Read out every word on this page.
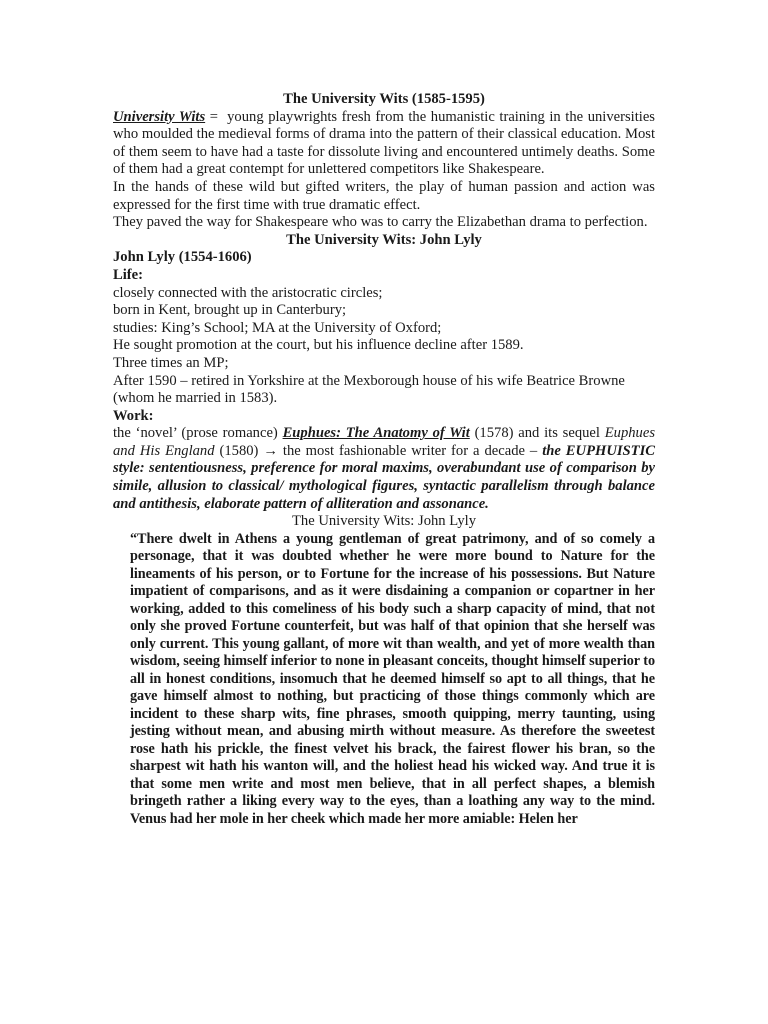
The University Wits (1585-1595)

University Wits =  young playwrights fresh from the humanistic training in the universities who moulded the medieval forms of drama into the pattern of their classical education. Most of them seem to have had a taste for dissolute living and encountered untimely deaths. Some of them had a great contempt for unlettered competitors like Shakespeare.

In the hands of these wild but gifted writers, the play of human passion and action was expressed for the first time with true dramatic effect.

They paved the way for Shakespeare who was to carry the Elizabethan drama to perfection.

The University Wits: John Lyly

John Lyly (1554-1606)

Life:

closely connected with the aristocratic circles;

born in Kent, brought up in Canterbury;

studies: King’s School; MA at the University of Oxford;

He sought promotion at the court, but his influence decline after 1589.

Three times an MP;

After 1590 – retired in Yorkshire at the Mexborough house of his wife Beatrice Browne (whom he married in 1583).

Work:

the ‘novel’ (prose romance) Euphues: The Anatomy of Wit (1578) and its sequel Euphues and His England (1580) → the most fashionable writer for a decade – the EUPHUISTIC style: sententiousness, preference for moral maxims, overabundant use of comparison by simile, allusion to classical/ mythological figures, syntactic parallelism through balance and antithesis, elaborate pattern of alliteration and assonance.

The University Wits: John Lyly

“There dwelt in Athens a young gentleman of great patrimony, and of so comely a personage, that it was doubted whether he were more bound to Nature for the lineaments of his person, or to Fortune for the increase of his possessions. But Nature impatient of comparisons, and as it were disdaining a companion or copartner in her working, added to this comeliness of his body such a sharp capacity of mind, that not only she proved Fortune counterfeit, but was half of that opinion that she herself was only current. This young gallant, of more wit than wealth, and yet of more wealth than wisdom, seeing himself inferior to none in pleasant conceits, thought himself superior to all in honest conditions, insomuch that he deemed himself so apt to all things, that he gave himself almost to nothing, but practicing of those things commonly which are incident to these sharp wits, fine phrases, smooth quipping, merry taunting, using jesting without mean, and abusing mirth without measure. As therefore the sweetest rose hath his prickle, the finest velvet his brack, the fairest flower his bran, so the sharpest wit hath his wanton will, and the holiest head his wicked way. And true it is that some men write and most men believe, that in all perfect shapes, a blemish bringeth rather a liking every way to the eyes, than a loathing any way to the mind. Venus had her mole in her cheek which made her more amiable: Helen her
